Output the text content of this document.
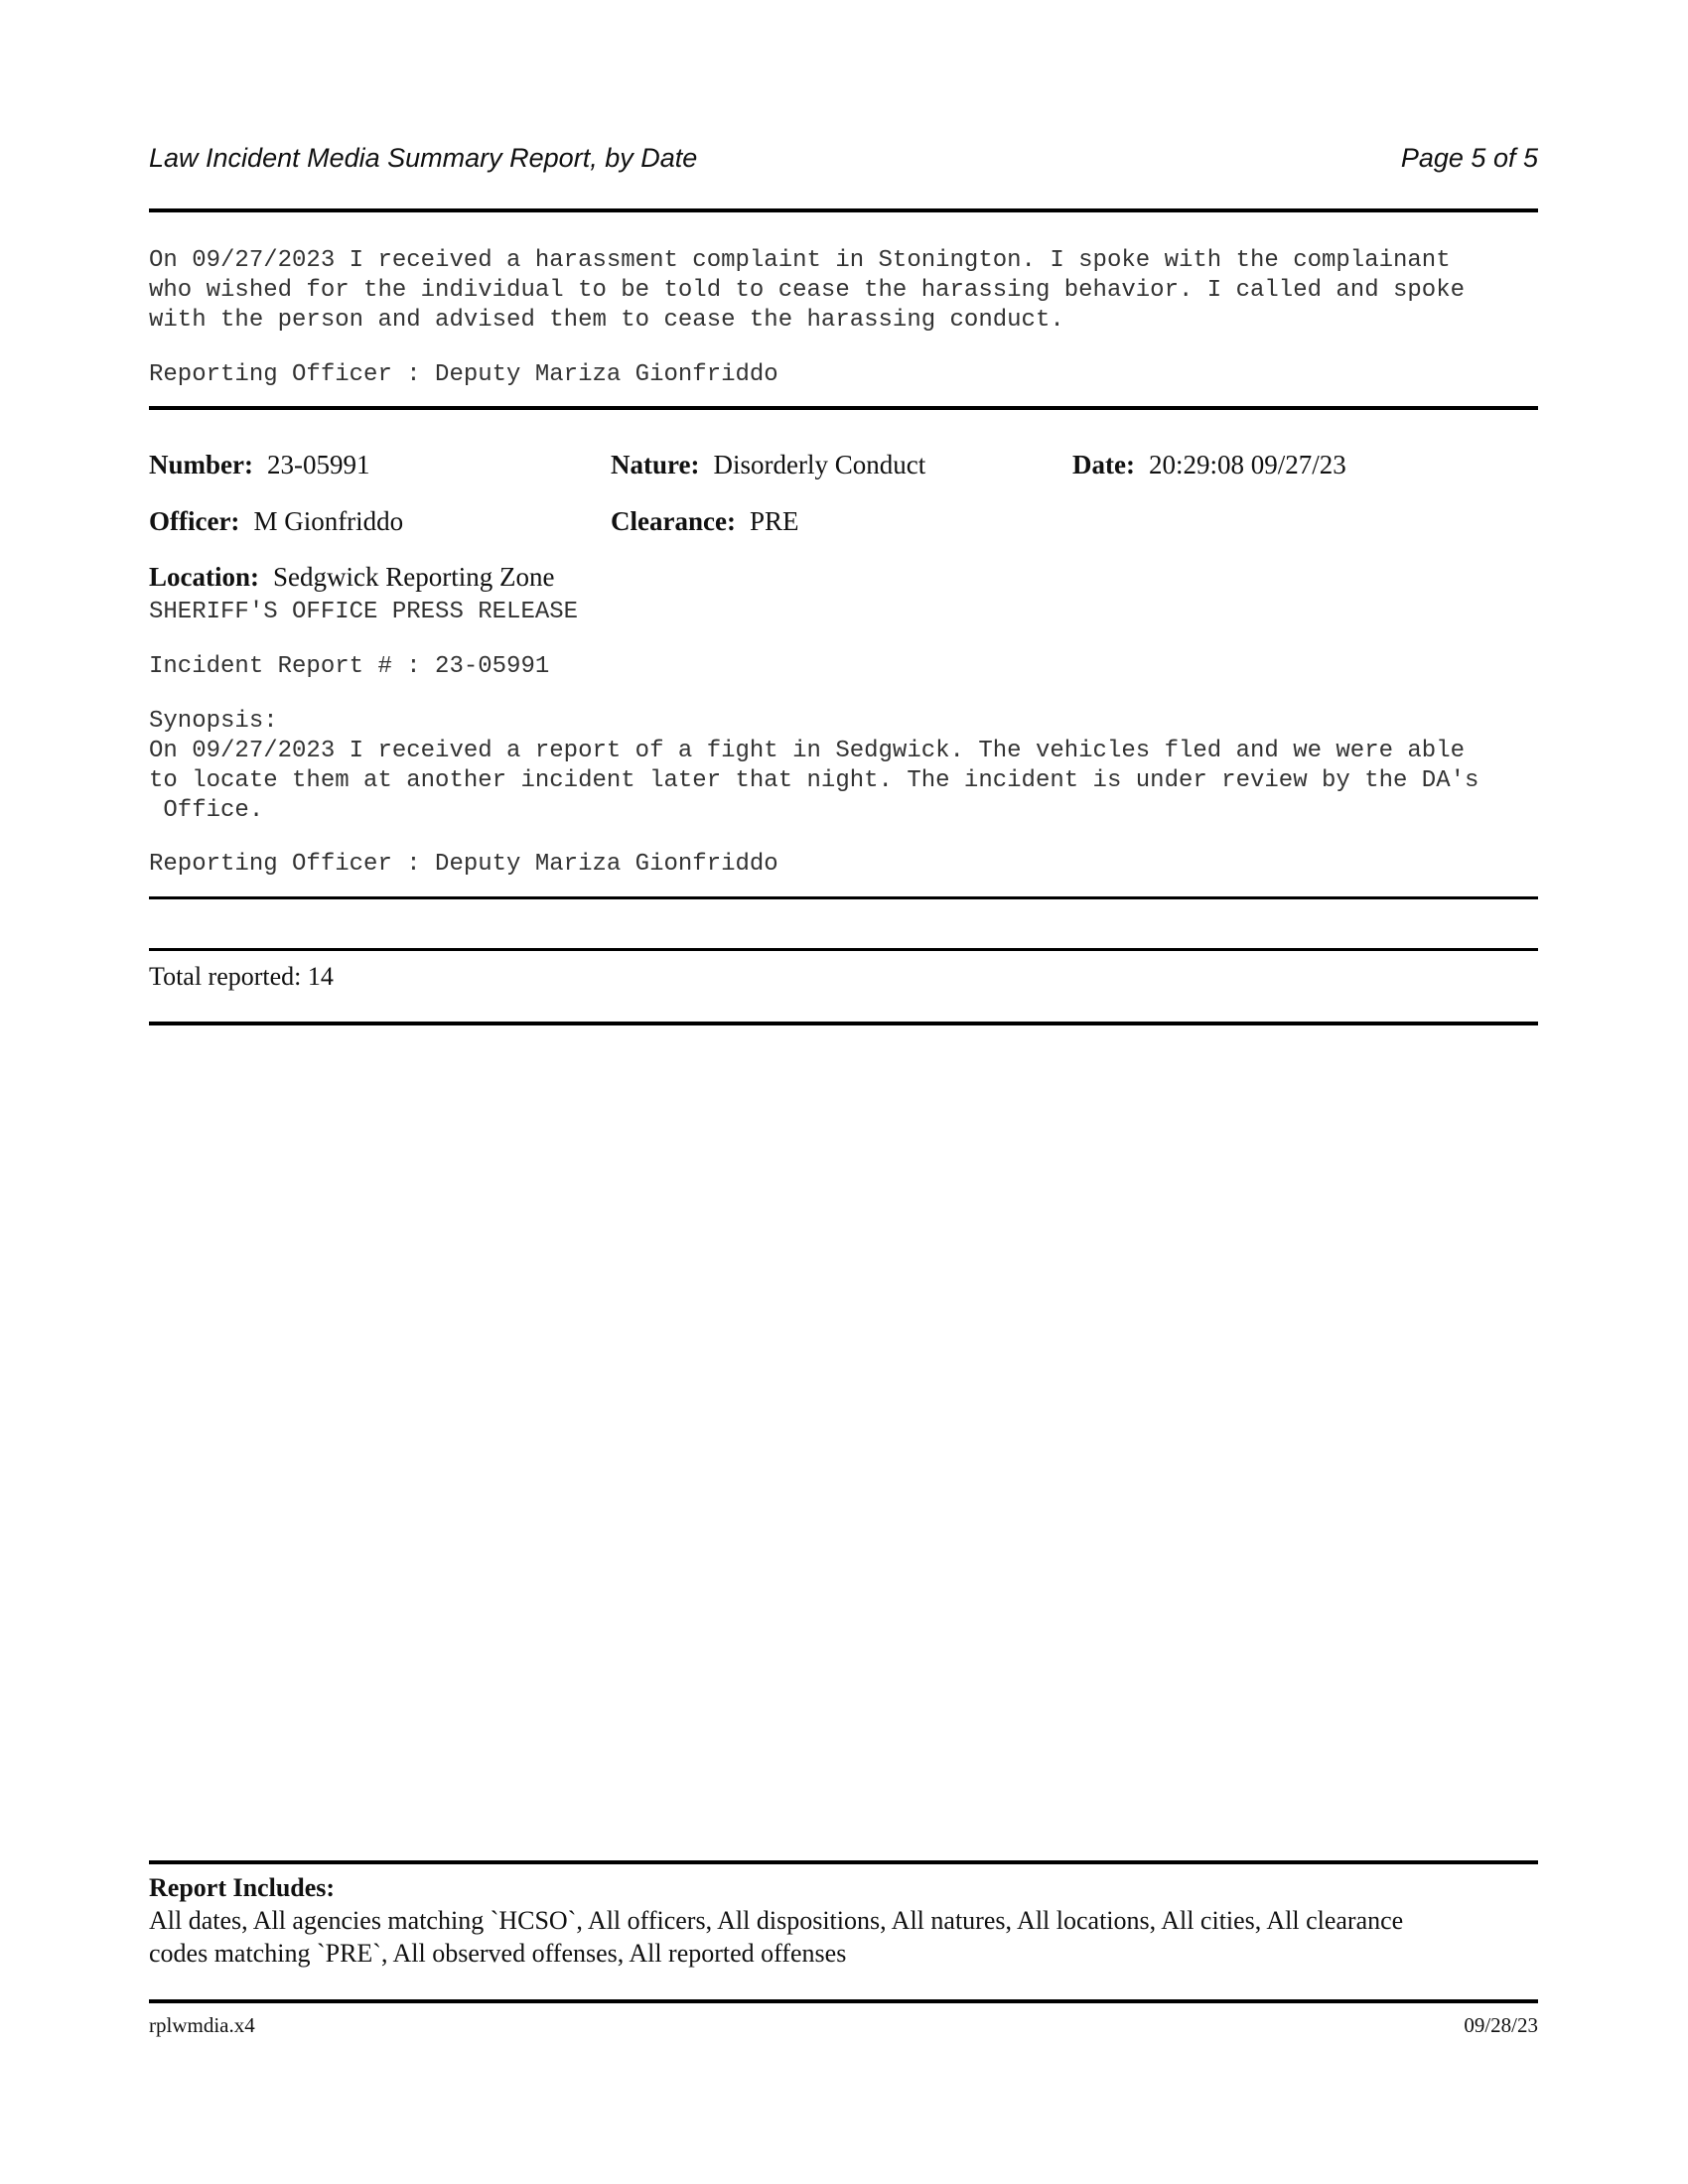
Law Incident Media Summary Report, by Date	Page 5 of 5
On 09/27/2023 I received a harassment complaint in Stonington. I spoke with the complainant
who wished for the individual to be told to cease the harassing behavior. I called and spoke
with the person and advised them to cease the harassing conduct.
Reporting Officer : Deputy Mariza Gionfriddo
Number: 23-05991	Nature: Disorderly Conduct	Date: 20:29:08 09/27/23
Officer: M Gionfriddo	Clearance: PRE
Location: Sedgwick Reporting Zone
SHERIFF'S OFFICE PRESS RELEASE
Incident Report # : 23-05991
Synopsis:
On 09/27/2023 I received a report of a fight in Sedgwick. The vehicles fled and we were able
to locate them at another incident later that night. The incident is under review by the DA's
Office.
Reporting Officer : Deputy Mariza Gionfriddo
Total reported: 14
Report Includes:
All dates, All agencies matching `HCSO`, All officers, All dispositions, All natures, All locations, All cities, All clearance
codes matching `PRE`, All observed offenses, All reported offenses
rplwmdia.x4	09/28/23
